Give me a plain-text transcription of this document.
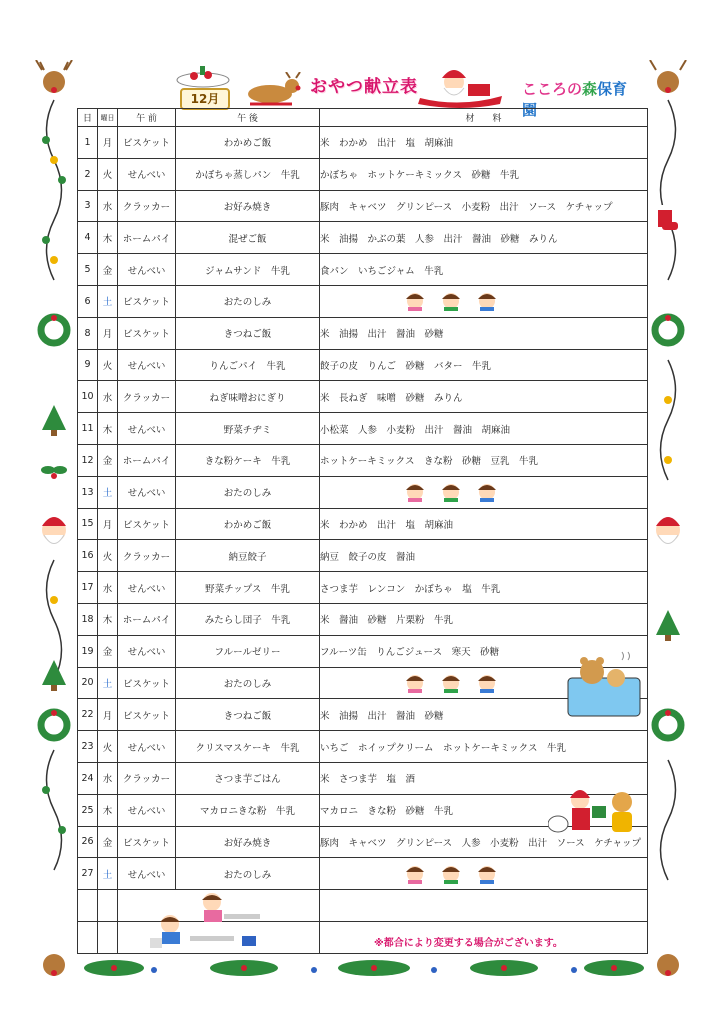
12月
おやつ献立表	こころの森保育園
日	曜日	午 前	午 後	材　　料
1	月	ビスケット	わかめご飯	米　わかめ　出汁　塩　胡麻油
2	火	せんべい	かぼちゃ蒸しパン　牛乳	かぼちゃ　ホットケーキミックス　砂糖　牛乳
3	水	クラッカー	お好み焼き	豚肉　キャベツ　グリンピース　小麦粉　出汁　ソース　ケチャップ
4	木	ホームパイ	混ぜご飯	米　油揚　かぶの葉　人参　出汁　醤油　砂糖　みりん
5	金	せんべい	ジャムサンド　牛乳	食パン　いちごジャム　牛乳
6	土	ビスケット	おたのしみ	

8	月	ビスケット	きつねご飯	米　油揚　出汁　醤油　砂糖
9	火	せんべい	りんごパイ　牛乳	餃子の皮　りんご　砂糖　バター　牛乳
10	水	クラッカー	ねぎ味噌おにぎり	米　長ねぎ　味噌　砂糖　みりん
11	木	せんべい	野菜チヂミ	小松菜　人参　小麦粉　出汁　醤油　胡麻油
12	金	ホームパイ	きな粉ケーキ　牛乳	ホットケーキミックス　きな粉　砂糖　豆乳　牛乳
13	土	せんべい	おたのしみ	

15	月	ビスケット	わかめご飯	米　わかめ　出汁　塩　胡麻油
16	火	クラッカー	納豆餃子	納豆　餃子の皮　醤油
17	水	せんべい	野菜チップス　牛乳	さつま芋　レンコン　かぼちゃ　塩　牛乳
18	木	ホームパイ	みたらし団子　牛乳	米　醤油　砂糖　片栗粉　牛乳
19	金	せんべい	フルールゼリー	フルーツ缶　りんごジュース　寒天　砂糖
20	土	ビスケット	おたのしみ	

22	月	ビスケット	きつねご飯	米　油揚　出汁　醤油　砂糖
23	火	せんべい	クリスマスケーキ　牛乳	いちご　ホイップクリーム　ホットケーキミックス　牛乳
24	水	クラッカー	さつま芋ごはん	米　さつま芋　塩　酒
25	木	せんべい	マカロニきな粉　牛乳	マカロニ　きな粉　砂糖　牛乳
26	金	ビスケット	お好み焼き	豚肉　キャベツ　グリンピース　人参　小麦粉　出汁　ソース　ケチャップ
27	土	せんべい	おたのしみ	

※都合により変更する場合がございます。
